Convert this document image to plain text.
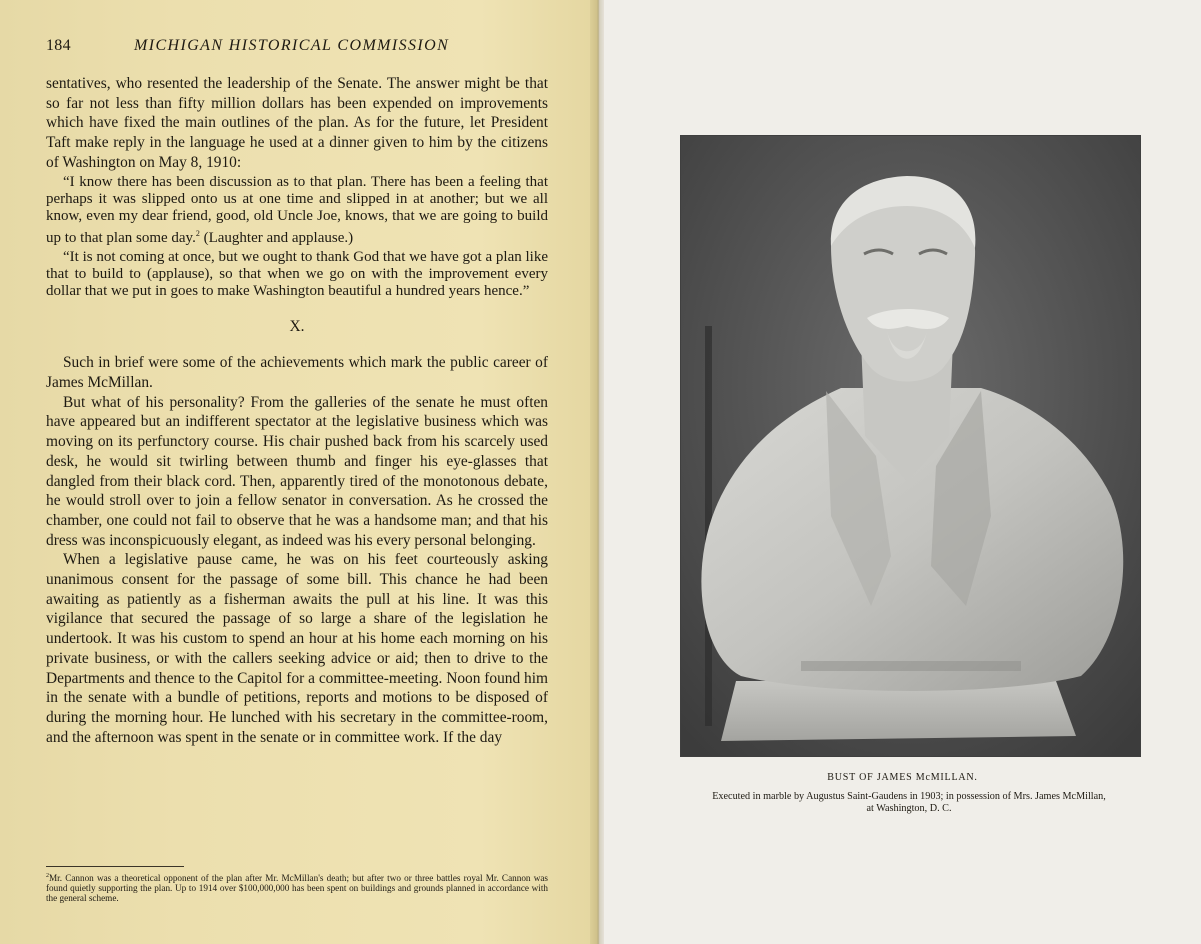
184	MICHIGAN HISTORICAL COMMISSION

sentatives, who resented the leadership of the Senate. The answer might be that so far not less than fifty million dollars has been expended on improvements which have fixed the main outlines of the plan. As for the future, let President Taft make reply in the language he used at a dinner given to him by the citizens of Washington on May 8, 1910:

“I know there has been discussion as to that plan. There has been a feeling that perhaps it was slipped onto us at one time and slipped in at another; but we all know, even my dear friend, good, old Uncle Joe, knows, that we are going to build up to that plan some day.$^2$ (Laughter and applause.)

“It is not coming at once, but we ought to thank God that we have got a plan like that to build to (applause), so that when we go on with the improvement every dollar that we put in goes to make Washington beautiful a hundred years hence.”

X.

Such in brief were some of the achievements which mark the public career of James McMillan.

But what of his personality? From the galleries of the senate he must often have appeared but an indifferent spectator at the legislative business which was moving on its perfunctory course. His chair pushed back from his scarcely used desk, he would sit twirling between thumb and finger his eye-glasses that dangled from their black cord. Then, apparently tired of the monotonous debate, he would stroll over to join a fellow senator in conversation. As he crossed the chamber, one could not fail to observe that he was a handsome man; and that his dress was inconspicuously elegant, as indeed was his every personal belonging.

When a legislative pause came, he was on his feet courteously asking unanimous consent for the passage of some bill. This chance he had been awaiting as patiently as a fisherman awaits the pull at his line. It was this vigilance that secured the passage of so large a share of the legislation he undertook. It was his custom to spend an hour at his home each morning on his private business, or with the callers seeking advice or aid; then to drive to the Departments and thence to the Capitol for a committee-meeting. Noon found him in the senate with a bundle of petitions, reports and motions to be disposed of during the morning hour. He lunched with his secretary in the committee-room, and the afternoon was spent in the senate or in committee work. If the day

$^2$Mr. Cannon was a theoretical opponent of the plan after Mr. McMillan's death; but after two or three battles royal Mr. Cannon was found quietly supporting the plan. Up to 1914 over $100,000,000 has been spent on buildings and grounds planned in accordance with the general scheme.
BUST OF JAMES McMILLAN.
Executed in marble by Augustus Saint-Gaudens in 1903; in possession of Mrs. James McMillan,
at Washington, D. C.
